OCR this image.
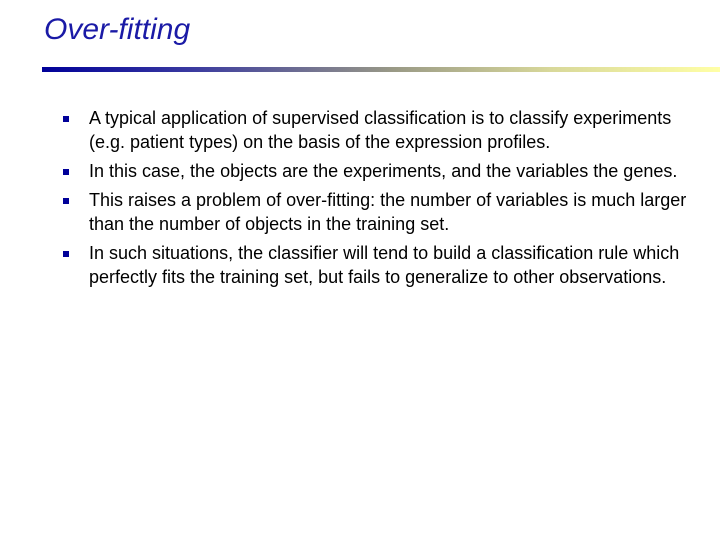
Over-fitting
A typical application of supervised classification is to classify experiments (e.g. patient types) on the basis of the expression profiles.
In this case, the objects are the experiments, and the variables the genes.
This raises a problem of over-fitting: the number of variables is much larger than the number of objects in the training set.
In such situations, the classifier will tend to build a classification rule which perfectly fits the training set, but fails to generalize to other observations.
